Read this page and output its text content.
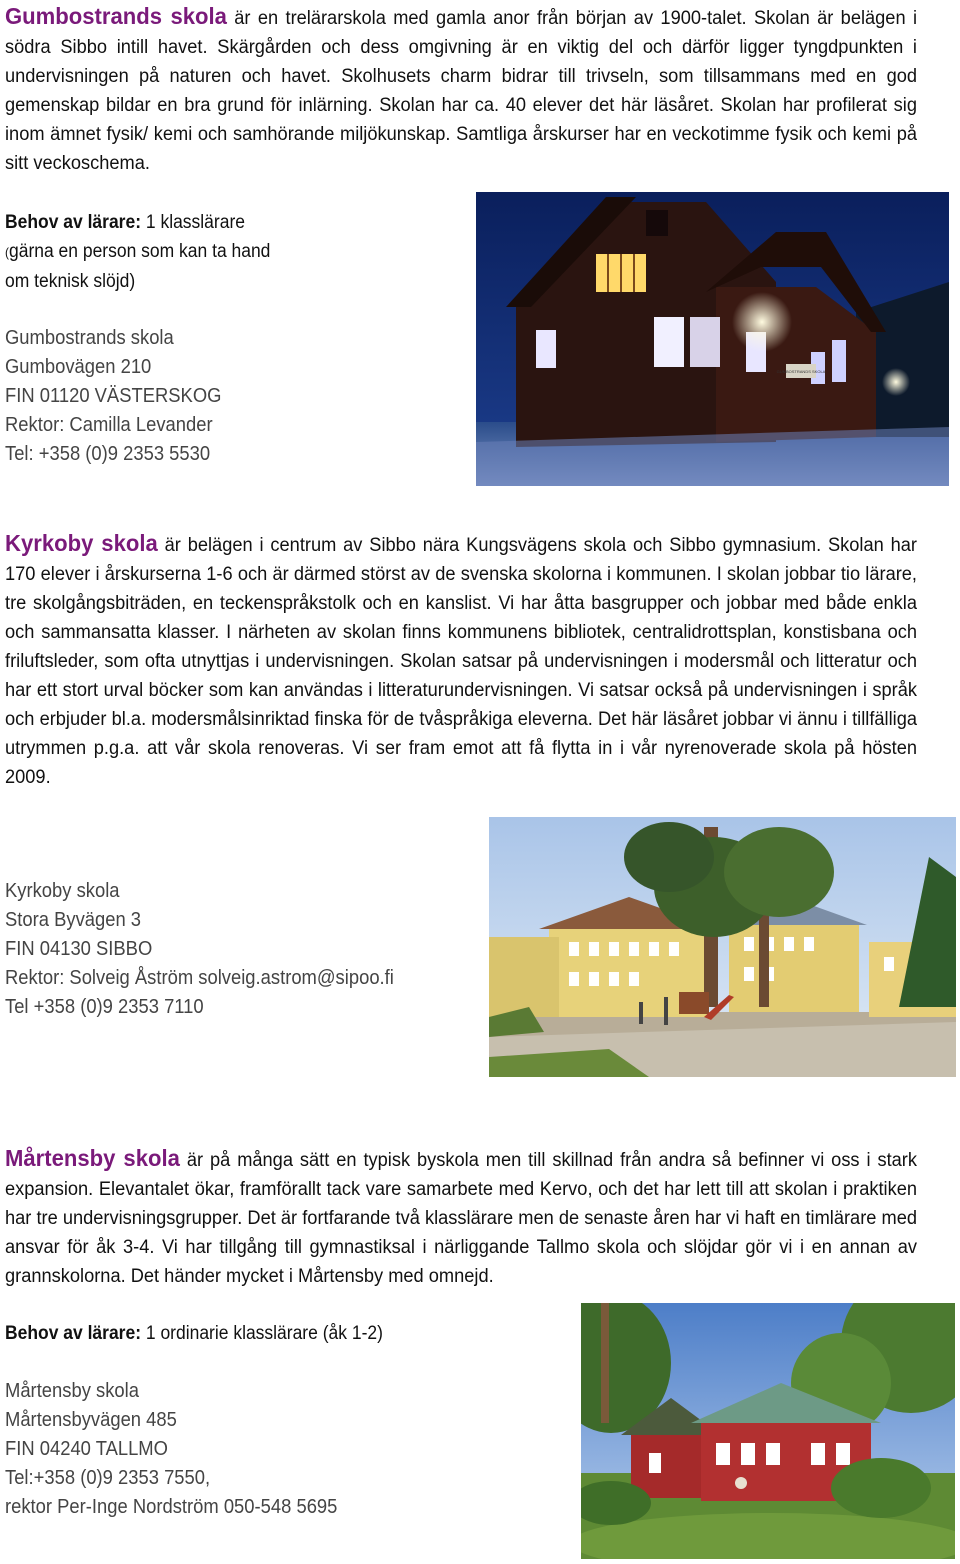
Gumbostrands skola är en trelärarskola med gamla anor från början av 1900-talet. Skolan är belägen i södra Sibbo intill havet. Skärgården och dess omgivning är en viktig del och därför ligger tyngdpunkten i undervisningen på naturen och havet. Skolhusets charm bidrar till trivseln, som tillsammans med en god gemenskap bildar en bra grund för inlärning. Skolan har ca. 40 elever det här läsåret. Skolan har profilerat sig inom ämnet fysik/ kemi och samhörande miljökunskap. Samtliga årskurser har en veckotimme fysik och kemi på sitt veckoschema.
Behov av lärare: 1 klasslärare
(gärna en person som kan ta hand
om teknisk slöjd)
Gumbostrands skola
Gumbovägen 210
FIN 01120 VÄSTERSKOG
Rektor: Camilla Levander
Tel: +358 (0)9 2353 5530
GUMBOSTRANDS SKOLA
Kyrkoby skola är belägen i centrum av Sibbo nära Kungsvägens skola och Sibbo gymnasium. Skolan har 170 elever i årskurserna 1-6 och är därmed störst av de svenska skolorna i kommunen. I skolan jobbar tio lärare, tre skolgångsbiträden, en teckenspråkstolk och en kanslist. Vi har åtta basgrupper och jobbar med både enkla och sammansatta klasser. I närheten av skolan finns kommunens bibliotek, centralidrottsplan, konstisbana och friluftsleder, som ofta utnyttjas i undervisningen. Skolan satsar på undervisningen i modersmål och litteratur och har ett stort urval böcker som kan användas i litteraturundervisningen. Vi satsar också på undervisningen i språk och erbjuder bl.a. modersmålsinriktad finska för de tvåspråkiga eleverna. Det här läsåret jobbar vi ännu i tillfälliga utrymmen p.g.a. att vår skola renoveras. Vi ser fram emot att få flytta in i vår nyrenoverade skola på hösten 2009.
Kyrkoby skola
Stora Byvägen 3
FIN 04130 SIBBO
Rektor: Solveig Åström solveig.astrom@sipoo.fi
Tel +358 (0)9 2353 7110
Mårtensby skola är på många sätt en typisk byskola men till skillnad från andra så befinner vi oss i stark expansion. Elevantalet ökar, framförallt tack vare samarbete med Kervo, och det har lett till att skolan i praktiken har tre undervisningsgrupper. Det är fortfarande två klasslärare men de senaste åren har vi haft en timlärare med ansvar för åk 3-4. Vi har tillgång till gymnastiksal i närliggande Tallmo skola och slöjdar gör vi i en annan av grannskolorna. Det händer mycket i Mårtensby med omnejd.
Behov av lärare: 1 ordinarie klasslärare (åk 1-2)
Mårtensby skola
Mårtensbyvägen 485
FIN 04240 TALLMO
Tel:+358 (0)9 2353 7550,
rektor Per-Inge Nordström 050-548 5695
